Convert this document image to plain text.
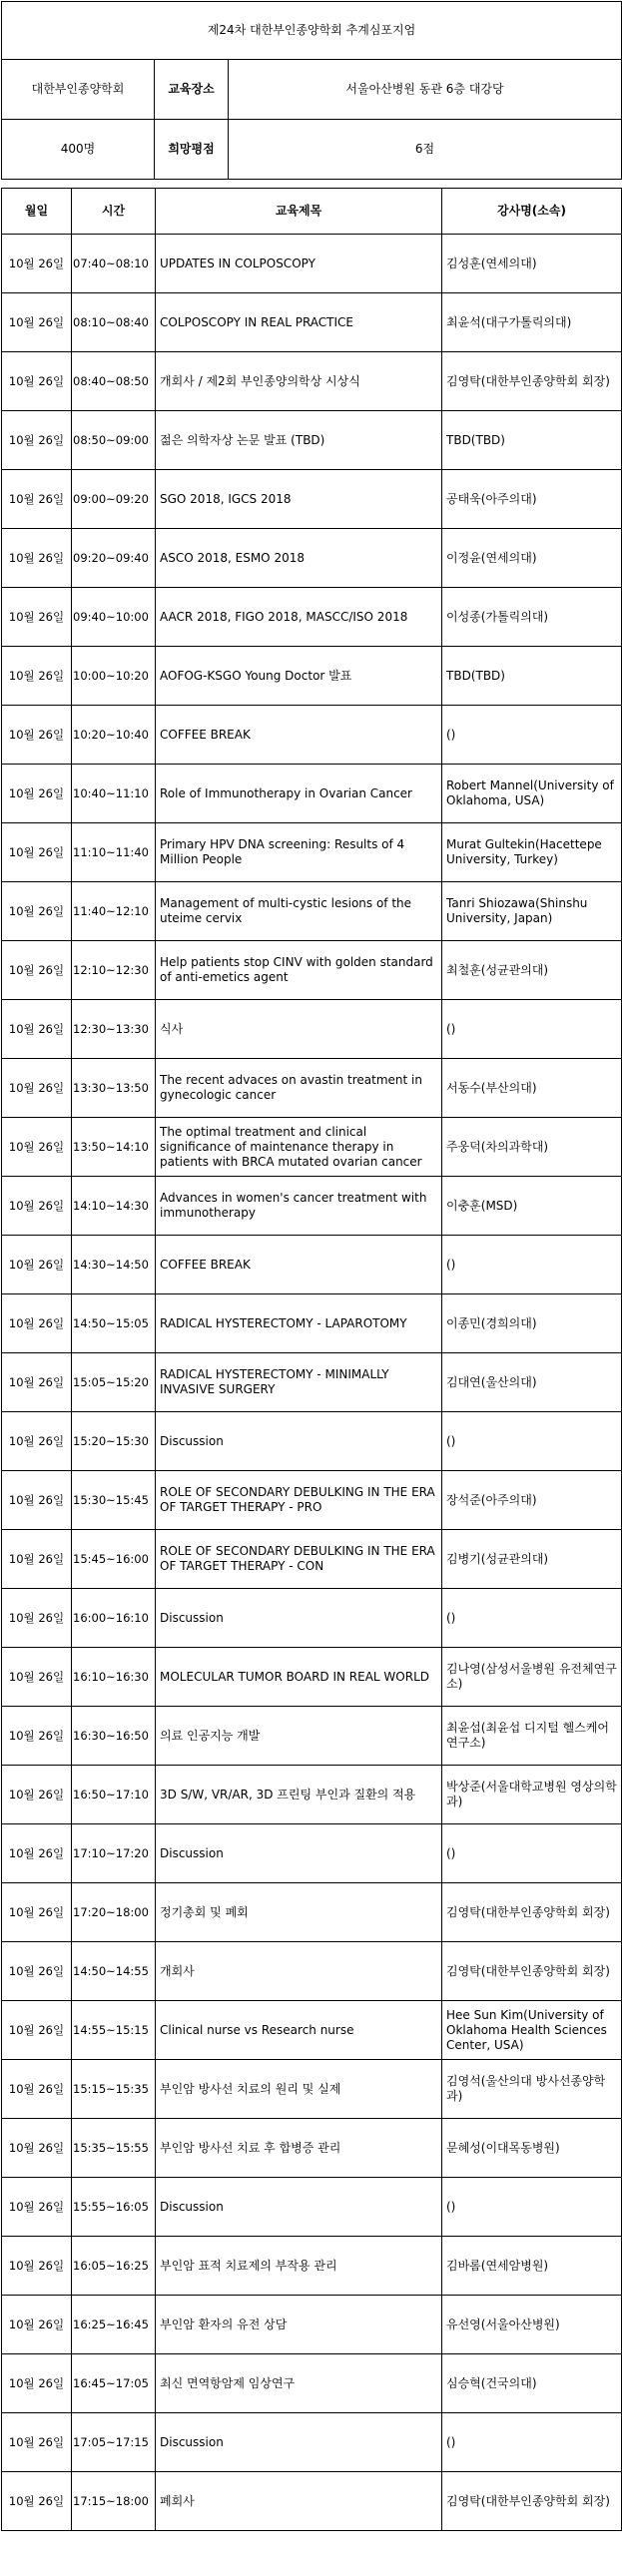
제24차 대한부인종양학회 추계심포지엄		
대한부인종양학회	교육장소	서울아산병원 동관 6층 대강당
400명	희망평점	6점
월일	시간	교육제목	강사명(소속)
10월 26일	07:40~08:10	UPDATES IN COLPOSCOPY	김성훈(연세의대)
10월 26일	08:10~08:40	COLPOSCOPY IN REAL PRACTICE	최윤석(대구가톨릭의대)
10월 26일	08:40~08:50	개회사 / 제2회 부인종양의학상 시상식	김영탁(대한부인종양학회 회장)
10월 26일	08:50~09:00	젊은 의학자상 논문 발표 (TBD)	TBD(TBD)
10월 26일	09:00~09:20	SGO 2018, IGCS 2018	공태욱(아주의대)
10월 26일	09:20~09:40	ASCO 2018, ESMO 2018	이정윤(연세의대)
10월 26일	09:40~10:00	AACR 2018, FIGO 2018, MASCC/ISO 2018	이성종(가톨릭의대)
10월 26일	10:00~10:20	AOFOG-KSGO Young Doctor 발표	TBD(TBD)
10월 26일	10:20~10:40	COFFEE BREAK	()
10월 26일	10:40~11:10	Role of Immunotherapy in Ovarian Cancer	Robert Mannel(University of Oklahoma, USA)
10월 26일	11:10~11:40	Primary HPV DNA screening: Results of 4 Million People	Murat Gultekin(Hacettepe University, Turkey)
10월 26일	11:40~12:10	Management of multi-cystic lesions of the uteime cervix	Tanri Shiozawa(Shinshu University, Japan)
10월 26일	12:10~12:30	Help patients stop CINV with golden standard of anti-emetics agent	최철훈(성균관의대)
10월 26일	12:30~13:30	식사	()
10월 26일	13:30~13:50	The recent advaces on avastin treatment in gynecologic cancer	서동수(부산의대)
10월 26일	13:50~14:10	The optimal treatment and clinical significance of maintenance therapy in patients with BRCA mutated ovarian cancer	주웅덕(차의과학대)
10월 26일	14:10~14:30	Advances in women's cancer treatment with immunotherapy	이충훈(MSD)
10월 26일	14:30~14:50	COFFEE BREAK	()
10월 26일	14:50~15:05	RADICAL HYSTERECTOMY - LAPAROTOMY	이종민(경희의대)
10월 26일	15:05~15:20	RADICAL HYSTERECTOMY - MINIMALLY INVASIVE SURGERY	김대연(울산의대)
10월 26일	15:20~15:30	Discussion	()
10월 26일	15:30~15:45	ROLE OF SECONDARY DEBULKING IN THE ERA OF TARGET THERAPY - PRO	장석준(아주의대)
10월 26일	15:45~16:00	ROLE OF SECONDARY DEBULKING IN THE ERA OF TARGET THERAPY - CON	김병기(성균관의대)
10월 26일	16:00~16:10	Discussion	()
10월 26일	16:10~16:30	MOLECULAR TUMOR BOARD IN REAL WORLD	김나영(삼성서울병원 유전체연구소)
10월 26일	16:30~16:50	의료 인공지능 개발	최윤섭(최윤섭 디지털 헬스케어 연구소)
10월 26일	16:50~17:10	3D S/W, VR/AR, 3D 프린팅 부인과 질환의 적용	박상준(서울대학교병원 영상의학과)
10월 26일	17:10~17:20	Discussion	()
10월 26일	17:20~18:00	정기총회 및 폐회	김영탁(대한부인종양학회 회장)
10월 26일	14:50~14:55	개회사	김영탁(대한부인종양학회 회장)
10월 26일	14:55~15:15	Clinical nurse vs Research nurse	Hee Sun Kim(University of Oklahoma Health Sciences Center, USA)
10월 26일	15:15~15:35	부인암 방사선 치료의 원리 및 실제	김영석(울산의대 방사선종양학과)
10월 26일	15:35~15:55	부인암 방사선 치료 후 합병증 관리	문혜성(이대목동병원)
10월 26일	15:55~16:05	Discussion	()
10월 26일	16:05~16:25	부인암 표적 치료제의 부작용 관리	김바롬(연세암병원)
10월 26일	16:25~16:45	부인암 환자의 유전 상담	유선영(서울아산병원)
10월 26일	16:45~17:05	최신 면역항암제 임상연구	심승혁(건국의대)
10월 26일	17:05~17:15	Discussion	()
10월 26일	17:15~18:00	폐회사	김영탁(대한부인종양학회 회장)
